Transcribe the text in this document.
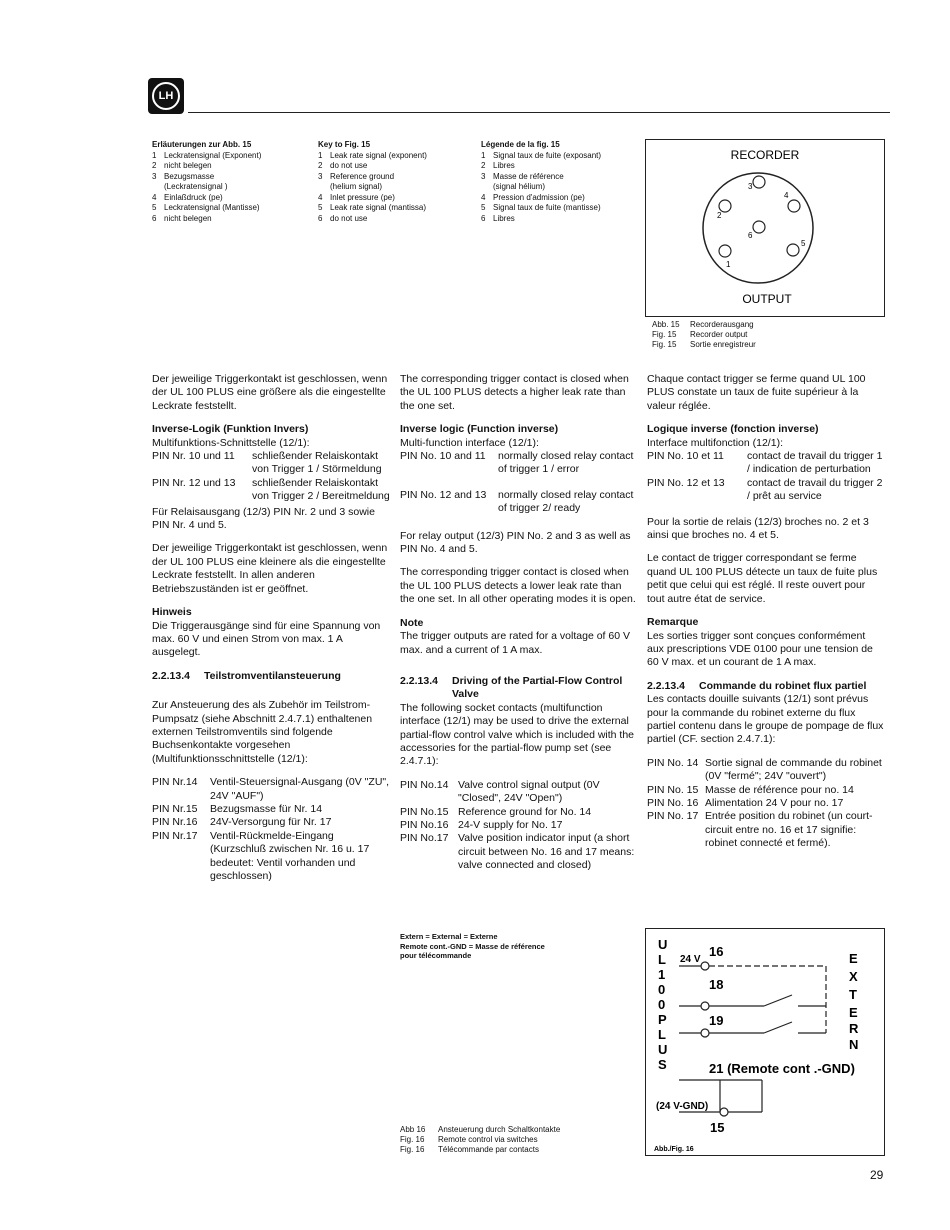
LH
Erläuterungen zur Abb. 15
1 Leckratensignal (Exponent)
2 nicht belegen
3 Bezugsmasse
(Leckratensignal )
4 Einlaßdruck (pe)
5 Leckratensignal (Mantisse)
6 nicht belegen
Key to Fig. 15
1 Leak rate signal (exponent)
2 do not use
3 Reference ground
(helium signal)
4 Inlet pressure (pe)
5 Leak rate signal (mantissa)
6 do not use
Légende de la fig. 15
1 Signal taux de fuite (exposant)
2 Libres
3 Masse de référence
(signal hélium)
4 Pression d'admission (pe)
5 Signal taux de fuite (mantisse)
6 Libres
RECORDER
3
2
4
6
1
5
OUTPUT
Abb. 15	Recorderausgang
Fig. 15	Recorder output
Fig. 15	Sortie enregistreur

Der jeweilige Triggerkontakt ist geschlossen, wenn der UL 100 PLUS eine größere als die eingestellte Leckrate feststellt.

Inverse-Logik (Funktion Invers)
Multifunktions-Schnittstelle (12/1):
PIN Nr. 10 und 11	schließender Relaiskontakt von Trigger 1 / Störmeldung
PIN Nr. 12 und 13	schließender Relaiskontakt von Trigger 2 / Bereitmeldung

Für Relaisausgang (12/3) PIN Nr. 2 und 3 sowie PIN Nr. 4 und 5.

Der jeweilige Triggerkontakt ist geschlossen, wenn der UL 100 PLUS eine kleinere als die eingestellte Leckrate feststellt. In allen anderen Betriebszuständen ist er geöffnet.

Hinweis

Die Triggerausgänge sind für eine Spannung von max. 60 V und einen Strom von max. 1 A ausgelegt.

2.2.13.4	Teilstromventilansteuerung

Zur Ansteuerung des als Zubehör im Teilstrom-Pumpsatz (siehe Abschnitt 2.4.7.1) enthaltenen externen Teilstromventils sind folgende Buchsenkontakte vorgesehen (Multifunktionsschnittstelle (12/1):

PIN Nr.14	Ventil-Steuersignal-Ausgang (0V "ZU", 24V "AUF")
PIN Nr.15	Bezugsmasse für Nr. 14
PIN Nr.16	24V-Versorgung für Nr. 17
PIN Nr.17	Ventil-Rückmelde-Eingang (Kurzschluß zwischen Nr. 16 u. 17 bedeutet: Ventil vorhanden und geschlossen)

The corresponding trigger contact is closed when the UL 100 PLUS detects a higher leak rate than the one set.

Inverse logic (Function inverse)
Multi-function interface (12/1):
PIN No. 10 and 11	normally closed relay contact of trigger 1 / error
PIN No. 12 and 13	normally closed relay contact of trigger 2/ ready

For relay output (12/3) PIN No. 2 and 3 as well as PIN No. 4 and 5.

The corresponding trigger contact is closed when the UL 100 PLUS detects a lower leak rate than the one set. In all other operating modes it is open.

Note

The trigger outputs are rated for a voltage of 60 V max. and a current of 1 A max.

2.2.13.4	Driving of the Partial-Flow Control Valve

The following socket contacts (multifunction interface (12/1) may be used to drive the external partial-flow control valve which is included with the accessories for the partial-flow pump set (see 2.4.7.1):

PIN No.14 Valve control signal output (0V "Closed", 24V "Open")
PIN No.15 Reference ground for No. 14
PIN No.16 24-V supply for No. 17
PIN No.17 Valve position indicator input (a short circuit between No. 16 and 17 means: valve connected and closed)

Chaque contact trigger se ferme quand UL 100 PLUS constate un taux de fuite supérieur à la valeur réglée.

Logique inverse (fonction inverse)
Interface multifonction (12/1):
PIN No. 10 et 11	contact de travail du trigger 1 / indication de perturbation
PIN No. 12 et 13	contact de travail du trigger 2 / prêt au service

Pour la sortie de relais (12/3) broches no. 2 et 3 ainsi que broches no. 4 et 5.

Le contact de trigger correspondant se ferme quand UL 100 PLUS détecte un taux de fuite plus petit que celui qui est réglé. Il reste ouvert pour tout autre état de service.

Remarque

Les sorties trigger sont conçues conformément aux prescriptions VDE 0100 pour une tension de 60 V max. et un courant de 1 A max.

2.2.13.4	Commande du robinet flux partiel

Les contacts douille suivants (12/1) sont prévus pour la commande du robinet externe du flux partiel contenu dans le groupe de pompage de flux partiel (CF. section 2.4.7.1):

PIN No. 14 Sortie signal de commande du robinet (0V "fermé"; 24V "ouvert")
PIN No. 15 Masse de référence pour no. 14
PIN No. 16 Alimentation 24 V pour no. 17
PIN No. 17 Entrée position du robinet (un court-circuit entre no. 16 et 17 signifie: robinet connecté et fermé).
Extern = External = Externe
Remote cont.-GND = Masse de référence
pour télécommande
U
L
1
0
0
P
L
U
S
E
X
T
E
R
N
24 V
16
18
19
21 (Remote cont .-GND)
(24 V-GND)
15
Abb./Fig. 16
Abb 16	Ansteuerung durch Schaltkontakte
Fig. 16	Remote control via switches
Fig. 16	Télécommande par contacts
29
